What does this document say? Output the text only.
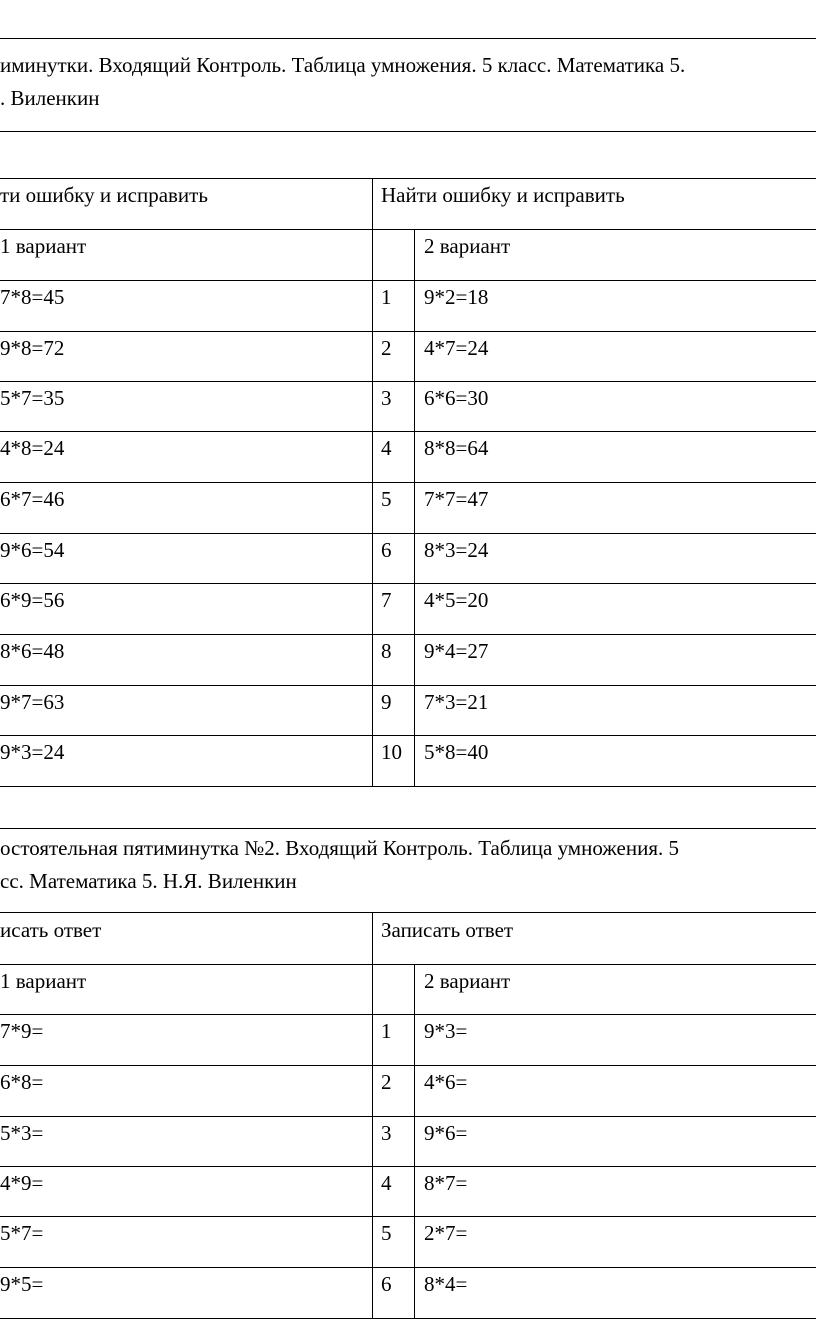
иминутки. Входящий Контроль. Таблица умножения. 5 класс. Математика 5.
. Виленкин
ти ошибку и исправить	Найти ошибку и исправить
1 вариант	2 вариант
7*8=45	1 9*2=18
9*8=72	2 4*7=24
5*7=35	3 6*6=30
4*8=24	4 8*8=64
6*7=46	5 7*7=47
9*6=54	6 8*3=24
6*9=56	7 4*5=20
8*6=48	8 9*4=27
9*7=63	9 7*3=21
9*3=24	10 5*8=40
остоятельная пятиминутка №2. Входящий Контроль. Таблица умножения. 5
сс. Математика 5. Н.Я. Виленкин
исать ответ	Записать ответ
1 вариант	2 вариант
7*9=	1 9*3=
6*8=	2 4*6=
5*3=	3 9*6=
4*9=	4 8*7=
5*7=	5 2*7=
9*5=	6 8*4=
